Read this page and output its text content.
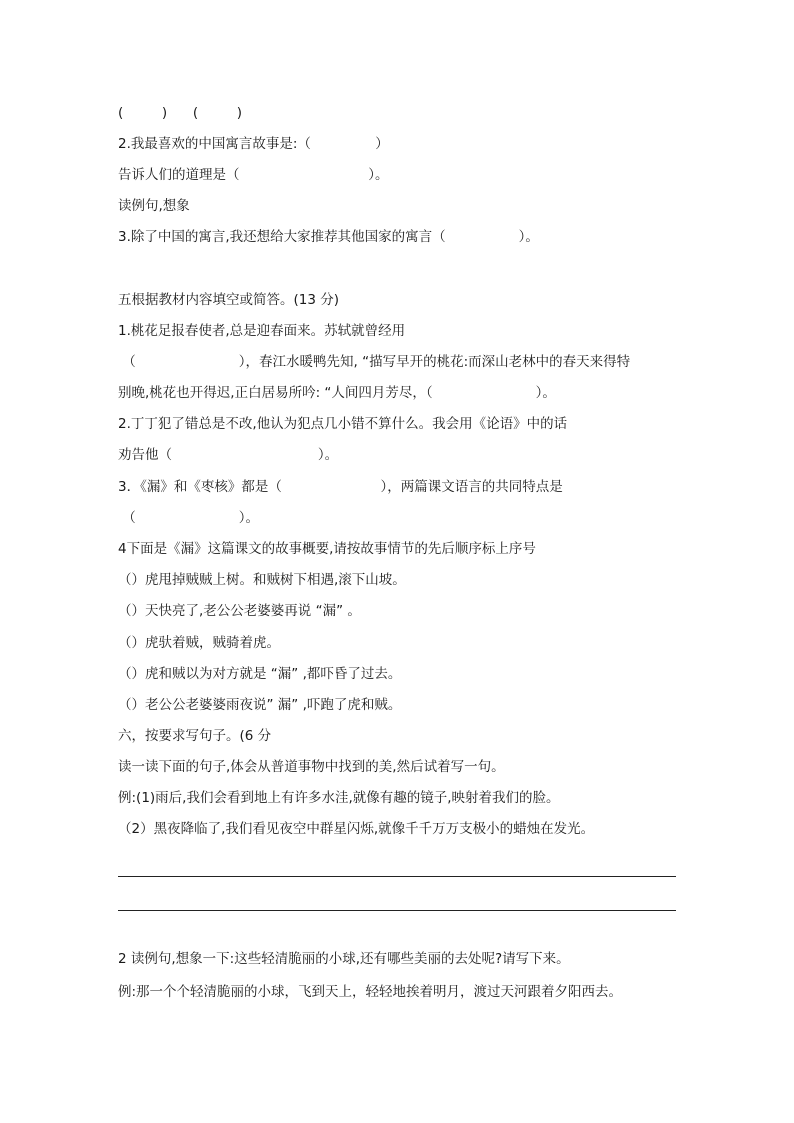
(         )      (         )
2.我最喜欢的中国寓言故事是:（               ）
告诉人们的道理是（                              ）。
读例句,想象
3.除了中国的寓言,我还想给大家推荐其他国家的寓言（                 ）。
五根据教材内容填空或简答。(13 分)
1.桃花足报春使者,总是迎春面来。苏轼就曾经用
（                        ），春江水暖鸭先知, “描写早开的桃花:而深山老林中的春天来得特
别晚,桃花也开得迟,正白居易所吟: “人间四月芳尽，（                        ）。
2.丁丁犯了错总是不改,他认为犯点几小错不算什么。我会用《论语》中的话
劝告他（                                  ）。
3．《漏》和《枣核》都是（                       ），两篇课文语言的共同特点是
（                        ）。
4下面是《漏》这篇课文的故事概要,请按故事情节的先后顺序标上序号
（）虎甩掉贼贼上树。和贼树下相遇,滚下山坡。
（）天快亮了,老公公老婆婆再说 “漏” 。
（）虎驮着贼，贼骑着虎。
（）虎和贼以为对方就是 “漏” ,都吓昏了过去。
（）老公公老婆婆雨夜说” 漏” ,吓跑了虎和贼。
六，按要求写句子。(6 分
读一读下面的句子,体会从普道事物中找到的美,然后试着写一句。
例:(1)雨后,我们会看到地上有许多水洼,就像有趣的镜子,映射着我们的脸。
（2）黑夜降临了,我们看见夜空中群星闪烁,就像千千万万支极小的蜡烛在发光。
2 读例句,想象一下:这些轻清脆丽的小球,还有哪些美丽的去处呢?请写下来。
例:那一个个轻清脆丽的小球，飞到天上，轻轻地挨着明月，渡过天河跟着夕阳西去。
